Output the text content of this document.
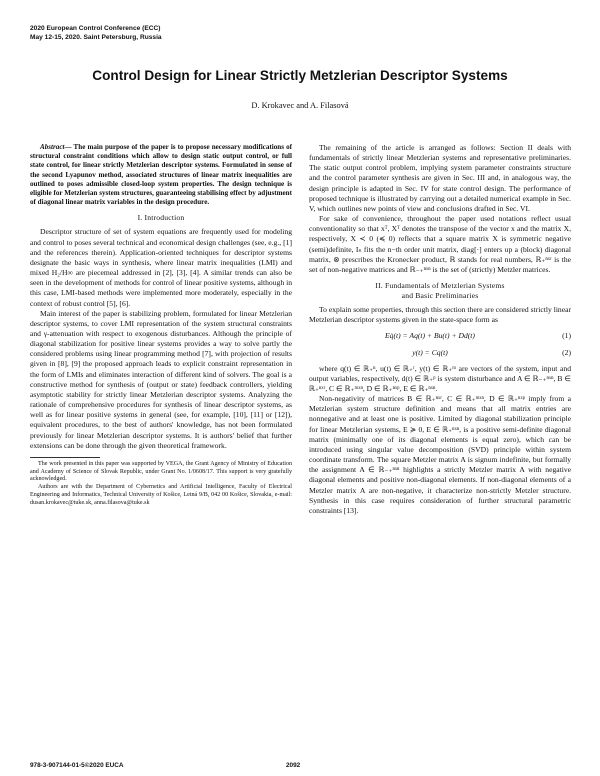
2020 European Control Conference (ECC)
May 12-15, 2020. Saint Petersburg, Russia
Control Design for Linear Strictly Metzlerian Descriptor Systems
D. Krokavec and A. Filasová
Abstract— The main purpose of the paper is to propose necessary modifications of structural constraint conditions which allow to design static output control, or full state control, for linear strictly Metzlerian descriptor systems. Formulated in sense of the second Lyapunov method, associated structures of linear matrix inequalities are outlined to poses admissible closed-loop system properties. The design technique is eligible for Metzlerian system structures, guaranteeing stabilising effect by adjustment of diagonal linear matrix variables in the design procedure.
I. Introduction

Descriptor structure of set of system equations are frequently used for modeling and control to poses several technical and economical design challenges (see, e.g., [1] and the references therein). Application-oriented techniques for descriptor systems designate the basic ways in synthesis, where linear matrix inequalities (LMI) and mixed H₂/H∞ are piecemeal addressed in [2], [3], [4]. A similar trends can also be seen in the development of methods for control of linear positive systems, although in this case, LMI-based methods were implemented more moderately, especially in the context of robust control [5], [6].

Main interest of the paper is stabilizing problem, formulated for linear Metzlerian descriptor systems, to cover LMI representation of the system structural constraints and γ-attenuation with respect to exogenous disturbances. Although the principle of diagonal stabilization for positive linear systems provides a way to solve partly the considered problems using linear programming method [7], with projection of results given in [8], [9] the proposed approach leads to explicit constraint representation in the form of LMIs and eliminates interaction of different kind of solvers. The goal is a constructive method for synthesis of (output or state) feedback controllers, yielding asymptotic stability for strictly linear Metzlerian descriptor systems. Analyzing the rationale of comprehensive procedures for synthesis of linear descriptor systems, as well as for linear positive systems in general (see, for example, [10], [11] or [12]), equivalent procedures, to the best of authors' knowledge, has not been formulated previously for linear Metzlerian descriptor systems. It is authors' belief that further extensions can be done through the given theoretical framework.

The work presented in this paper was supported by VEGA, the Grant Agency of Ministry of Education and Academy of Science of Slovak Republic, under Grant No. 1/0608/17. This support is very gratefully acknowledged.

Authors are with the Department of Cybernetics and Artificial Intelligence, Faculty of Electrical Engineering and Informatics, Technical University of Košice, Letná 9/B, 042 00 Košice, Slovakia, e-mail: dusan.krokavec@tuke.sk, anna.filasova@tuke.sk

The remaining of the article is arranged as follows: Section II deals with fundamentals of strictly linear Metzlerian systems and representative preliminaries. The static output control problem, implying system parameter constraints structure and the control parameter synthesis are given in Sec. III and, in analogous way, the design principle is adapted in Sec. IV for state control design. The performance of proposed technique is illustrated by carrying out a detailed numerical example in Sec. V, which outlines new points of view and conclusions drafted in Sec. VI.

For sake of convenience, throughout the paper used notations reflect usual conventionality so that xᵀ, Xᵀ denotes the transpose of the vector x and the matrix X, respectively, X ≺ 0 (≼ 0) reflects that a square matrix X is symmetric negative (semi)definite, Iₙ fits the n−th order unit matrix, diag[·] enters up a (block) diagonal matrix, ⊗ prescribes the Kronecker product, ℝ stands for real numbers, ℝ₊ⁿˣʳ is the set of non-negative matrices and ℝ₋₊ⁿˣⁿ is the set of (strictly) Metzler matrices.

II. Fundamentals of Metzlerian Systems
and Basic Preliminaries

To explain some properties, through this section there are considered strictly linear Metzlerian descriptor systems given in the state-space form as

Eq̇(t) = Aq(t) + Bu(t) + Dd(t)	(1)
y(t) = Cq(t)	(2)

where q(t) ∈ ℝ₊ⁿ, u(t) ∈ ℝ₊ʳ, y(t) ∈ ℝ₊ᵐ are vectors of the system, input and output variables, respectively, d(t) ∈ ℝ₊ᵖ is system disturbance and A ∈ ℝ₋₊ⁿˣⁿ, B ∈ ℝ₊ⁿˣʳ, C ∈ ℝ₊ᵐˣⁿ, D ∈ ℝ₊ⁿˣᵖ, E ∈ ℝ₊ⁿˣⁿ.

Non-negativity of matrices B ∈ ℝ₊ⁿˣʳ, C ∈ ℝ₊ᵐˣⁿ, D ∈ ℝ₊ⁿˣᵖ imply from a Metzlerian system structure definition and means that all matrix entries are nonnegative and at least one is positive. Limited by diagonal stabilization principle for linear Metzlerian systems, E ≽ 0, E ∈ ℝ₊ⁿˣⁿ, is a positive semi-definite diagonal matrix (minimally one of its diagonal elements is equal zero), which can be introduced using singular value decomposition (SVD) principle within system coordinate transform. The square Metzler matrix A is signum indefinite, but formally the assignment A ∈ ℝ₋₊ⁿˣⁿ highlights a strictly Metzler matrix A with negative diagonal elements and positive non-diagonal elements. If non-diagonal elements of a Metzler matrix A are non-negative, it characterize non-strictly Metzler structure. Synthesis in this case requires consideration of further structural parametric constraints [13].

978-3-907144-01-5©2020 EUCA	2092
